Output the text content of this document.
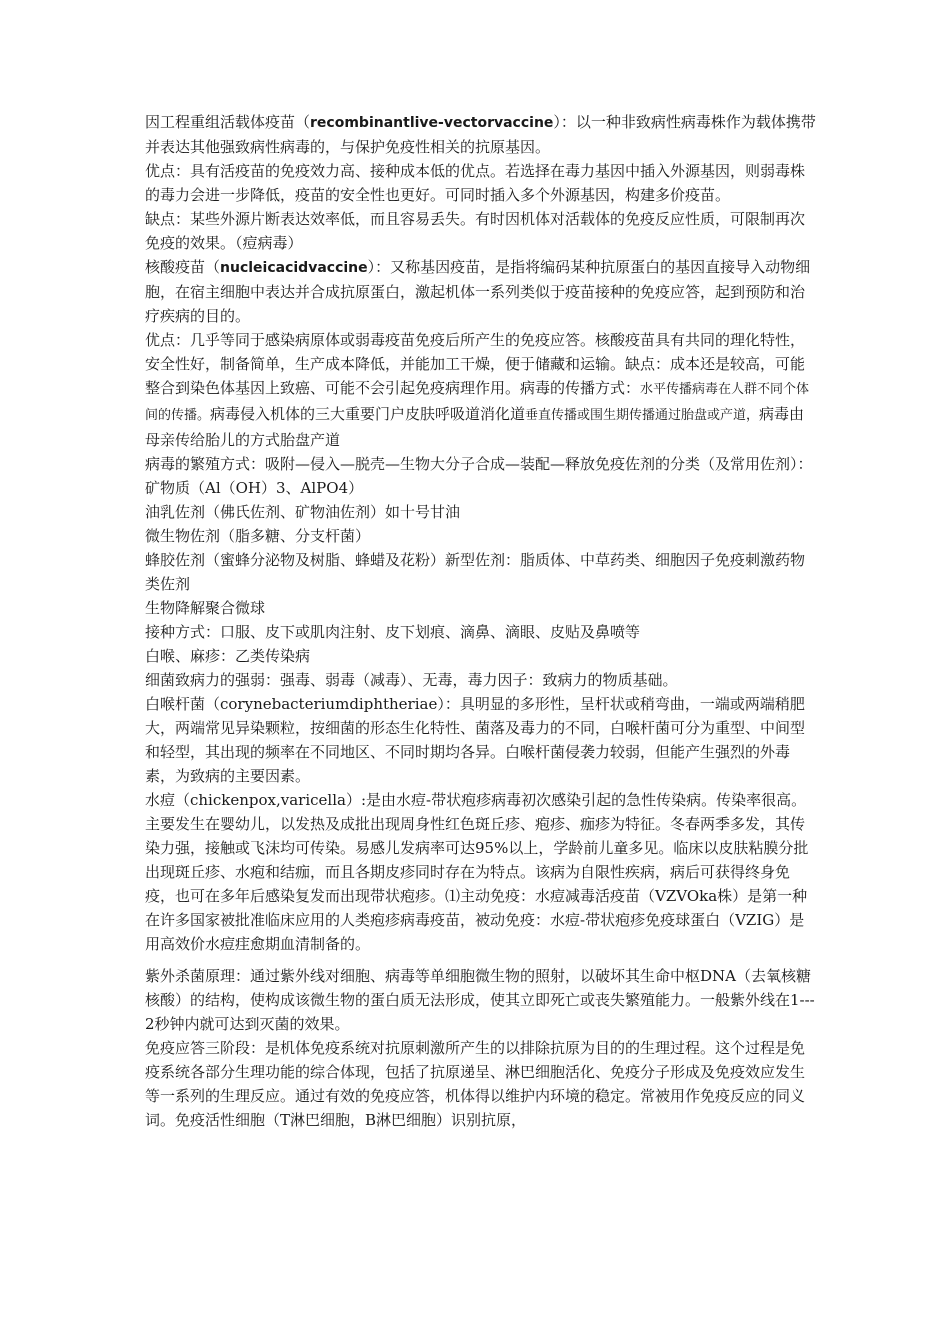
因工程重组活载体疫苗（recombinantlive-vectorvaccine）：以一种非致病性病毒株作为载体携带并表达其他强致病性病毒的，与保护免疫性相关的抗原基因。

优点：具有活疫苗的免疫效力高、接种成本低的优点。若选择在毒力基因中插入外源基因，则弱毒株的毒力会进一步降低，疫苗的安全性也更好。可同时插入多个外源基因，构建多价疫苗。

缺点：某些外源片断表达效率低，而且容易丢失。有时因机体对活载体的免疫反应性质，可限制再次免疫的效果。（痘病毒）

核酸疫苗（nucleicacidvaccine）：又称基因疫苗，是指将编码某种抗原蛋白的基因直接导入动物细胞，在宿主细胞中表达并合成抗原蛋白，激起机体一系列类似于疫苗接种的免疫应答，起到预防和治疗疾病的目的。

优点：几乎等同于感染病原体或弱毒疫苗免疫后所产生的免疫应答。核酸疫苗具有共同的理化特性，安全性好，制备简单，生产成本降低，并能加工干燥，便于储藏和运输。缺点：成本还是较高，可能整合到染色体基因上致癌、可能不会引起免疫病理作用。病毒的传播方式：水平传播病毒在人群不同个体间的传播。病毒侵入机体的三大重要门户皮肤呼吸道消化道垂直传播或围生期传播通过胎盘或产道，病毒由母亲传给胎儿的方式胎盘产道

病毒的繁殖方式：吸附—侵入—脱壳—生物大分子合成—装配—释放免疫佐剂的分类（及常用佐剂）：

矿物质（Al（OH）3、AlPO4）

油乳佐剂（佛氏佐剂、矿物油佐剂）如十号甘油

微生物佐剂（脂多糖、分支杆菌）

蜂胶佐剂（蜜蜂分泌物及树脂、蜂蜡及花粉）新型佐剂：脂质体、中草药类、细胞因子免疫刺激药物类佐剂

生物降解聚合微球

接种方式：口服、皮下或肌肉注射、皮下划痕、滴鼻、滴眼、皮贴及鼻喷等

白喉、麻疹：乙类传染病

细菌致病力的强弱：强毒、弱毒（减毒）、无毒，毒力因子：致病力的物质基础。

白喉杆菌（corynebacteriumdiphtheriae）：具明显的多形性，呈杆状或稍弯曲，一端或两端稍肥大，两端常见异染颗粒，按细菌的形态生化特性、菌落及毒力的不同，白喉杆菌可分为重型、中间型和轻型，其出现的频率在不同地区、不同时期均各异。白喉杆菌侵袭力较弱，但能产生强烈的外毒素，为致病的主要因素。

水痘（chickenpox,varicella）:是由水痘-带状疱疹病毒初次感染引起的急性传染病。传染率很高。主要发生在婴幼儿，以发热及成批出现周身性红色斑丘疹、疱疹、痂疹为特征。冬春两季多发，其传染力强，接触或飞沫均可传染。易感儿发病率可达95%以上，学龄前儿童多见。临床以皮肤粘膜分批出现斑丘疹、水疱和结痂，而且各期皮疹同时存在为特点。该病为自限性疾病，病后可获得终身免疫，也可在多年后感染复发而出现带状疱疹。⑴主动免疫：水痘减毒活疫苗（VZVOka株）是第一种在许多国家被批准临床应用的人类疱疹病毒疫苗，被动免疫：水痘-带状疱疹免疫球蛋白（VZIG）是用高效价水痘疰愈期血清制备的。

紫外杀菌原理：通过紫外线对细胞、病毒等单细胞微生物的照射，以破坏其生命中枢DNA（去氧核糖核酸）的结构，使构成该微生物的蛋白质无法形成，使其立即死亡或丧失繁殖能力。一般紫外线在1---2秒钟内就可达到灭菌的效果。

免疫应答三阶段：是机体免疫系统对抗原刺激所产生的以排除抗原为目的的生理过程。这个过程是免疫系统各部分生理功能的综合体现，包括了抗原递呈、淋巴细胞活化、免疫分子形成及免疫效应发生等一系列的生理反应。通过有效的免疫应答，机体得以维护内环境的稳定。常被用作免疫反应的同义词。免疫活性细胞（T淋巴细胞，B淋巴细胞）识别抗原，
